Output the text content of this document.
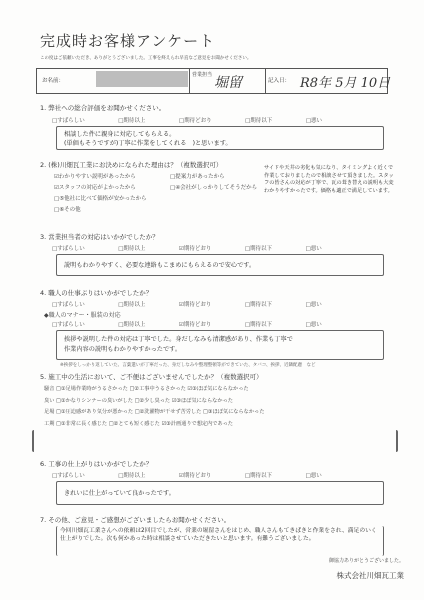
完成時お客様アンケート
この度はご依頼いただき、ありがとうございました。工事を終えられ早直なご意見をお聞かせください。
お名前：
営業担当 堀留	記入日： R8年 5月 10日
1. 弊社への総合評価をお聞かせください。
□すばらしい	□期待以上	□期待どおり	□期待以下	□悪い
相談した件に親身に対応してもらえる。
(単価もそうですが)丁寧に作業をしてくれる　)と思います。
2. (株)川畑瓦工業にお決めになられた理由は？（複数選択可）
☑わかりやすい説明があったから
☑スタッフの対応がよかったから
□⑤他社に比べて価格が安かったから
□⑥その他
□提案力があったから
□④会社がしっかりしてそうだから
サイドや天井の劣化も気になり、タイミングよく近くで作業しておりましたので相談させて頂きました。スタッフの皆さんの対応が丁寧で、瓦の葺き替えの説明も大変わかりやすかったです。価格も適正で満足しています。
3. 営業担当者の対応はいかがでしたか？
□すばらしい	□期待以上	☑期待どおり	□期待以下	□悪い
説明もわかりやすく、必要な連絡もこまめにもらえるので安心です。
4. 職人の仕事ぶりはいかがでしたか？
□すばらしい	□期待以上	☑期待どおり	□期待以下	□悪い
◆職人のマナー・服装の対応
□すばらしい	□期待以上	☑期待どおり	□期待以下	□悪い
挨拶や説明した件の対応は丁寧でした。身だしなみも清潔感があり、作業も丁寧で
作業内容の説明もわかりやすかったです。
※挨拶をしっかり返していた、言葉遣いが丁寧だった、身だしなみや整理整頓等ができていた、タバコ、挨拶、近隣配慮　など
5. 施工中の生活において、ご不便はございませんでしたか？（複数選択可）
騒音 □①足場作業時がうるさかった □②工事中うるさかった ☑③ほぼ気にならなかった
臭い □①かなりシンナーの臭いがした □②少し臭った ☑③ほぼ気にならなかった
足場 □①圧迫感があり気分が悪かった □②洗濯物が干せず苦労した □③ほぼ気にならなかった
工期 □①非常に長く感じた □②とても短く感じた ☑③計画通りで想定内であった
6. 工事の仕上がりはいかがでしたか？
□すばらしい	□期待以上	☑期待どおり	□期待以下	□悪い
きれいに仕上がっていて良かったです。
7. その他、ご意見・ご感想がございましたらお聞かせください。
今回川畑瓦工業さんへの依頼は2回目でしたが、営業の堀留さんをはじめ、職人さんもてきぱきと作業をされ、満足のいく仕上がりでした。次も何かあった時は相談させていただきたいと思います。有難うございました。
御協力ありがとうございました。
株式会社川畑瓦工業
